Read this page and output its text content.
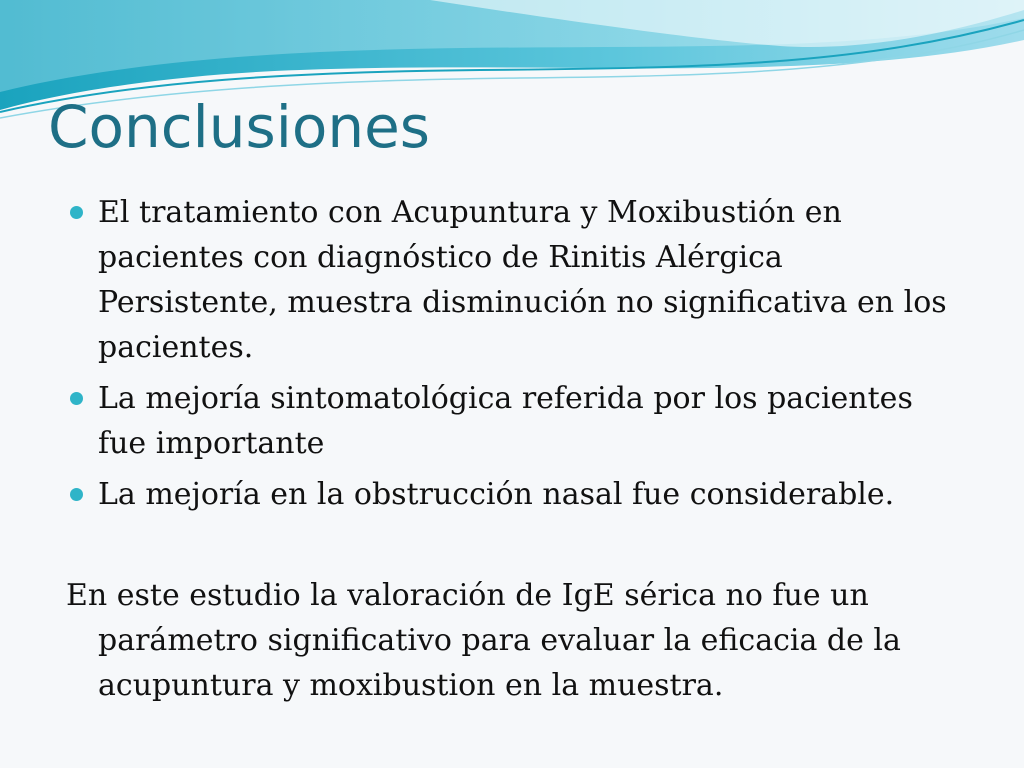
Conclusiones
El tratamiento con Acupuntura y Moxibustión en pacientes con diagnóstico de Rinitis Alérgica Persistente, muestra disminución no significativa en los pacientes.
La mejoría sintomatológica referida por los pacientes fue importante
La mejoría en la obstrucción nasal fue considerable.

En este estudio la valoración de IgE sérica no fue un parámetro significativo para evaluar la eficacia de la acupuntura y moxibustion en la muestra.
